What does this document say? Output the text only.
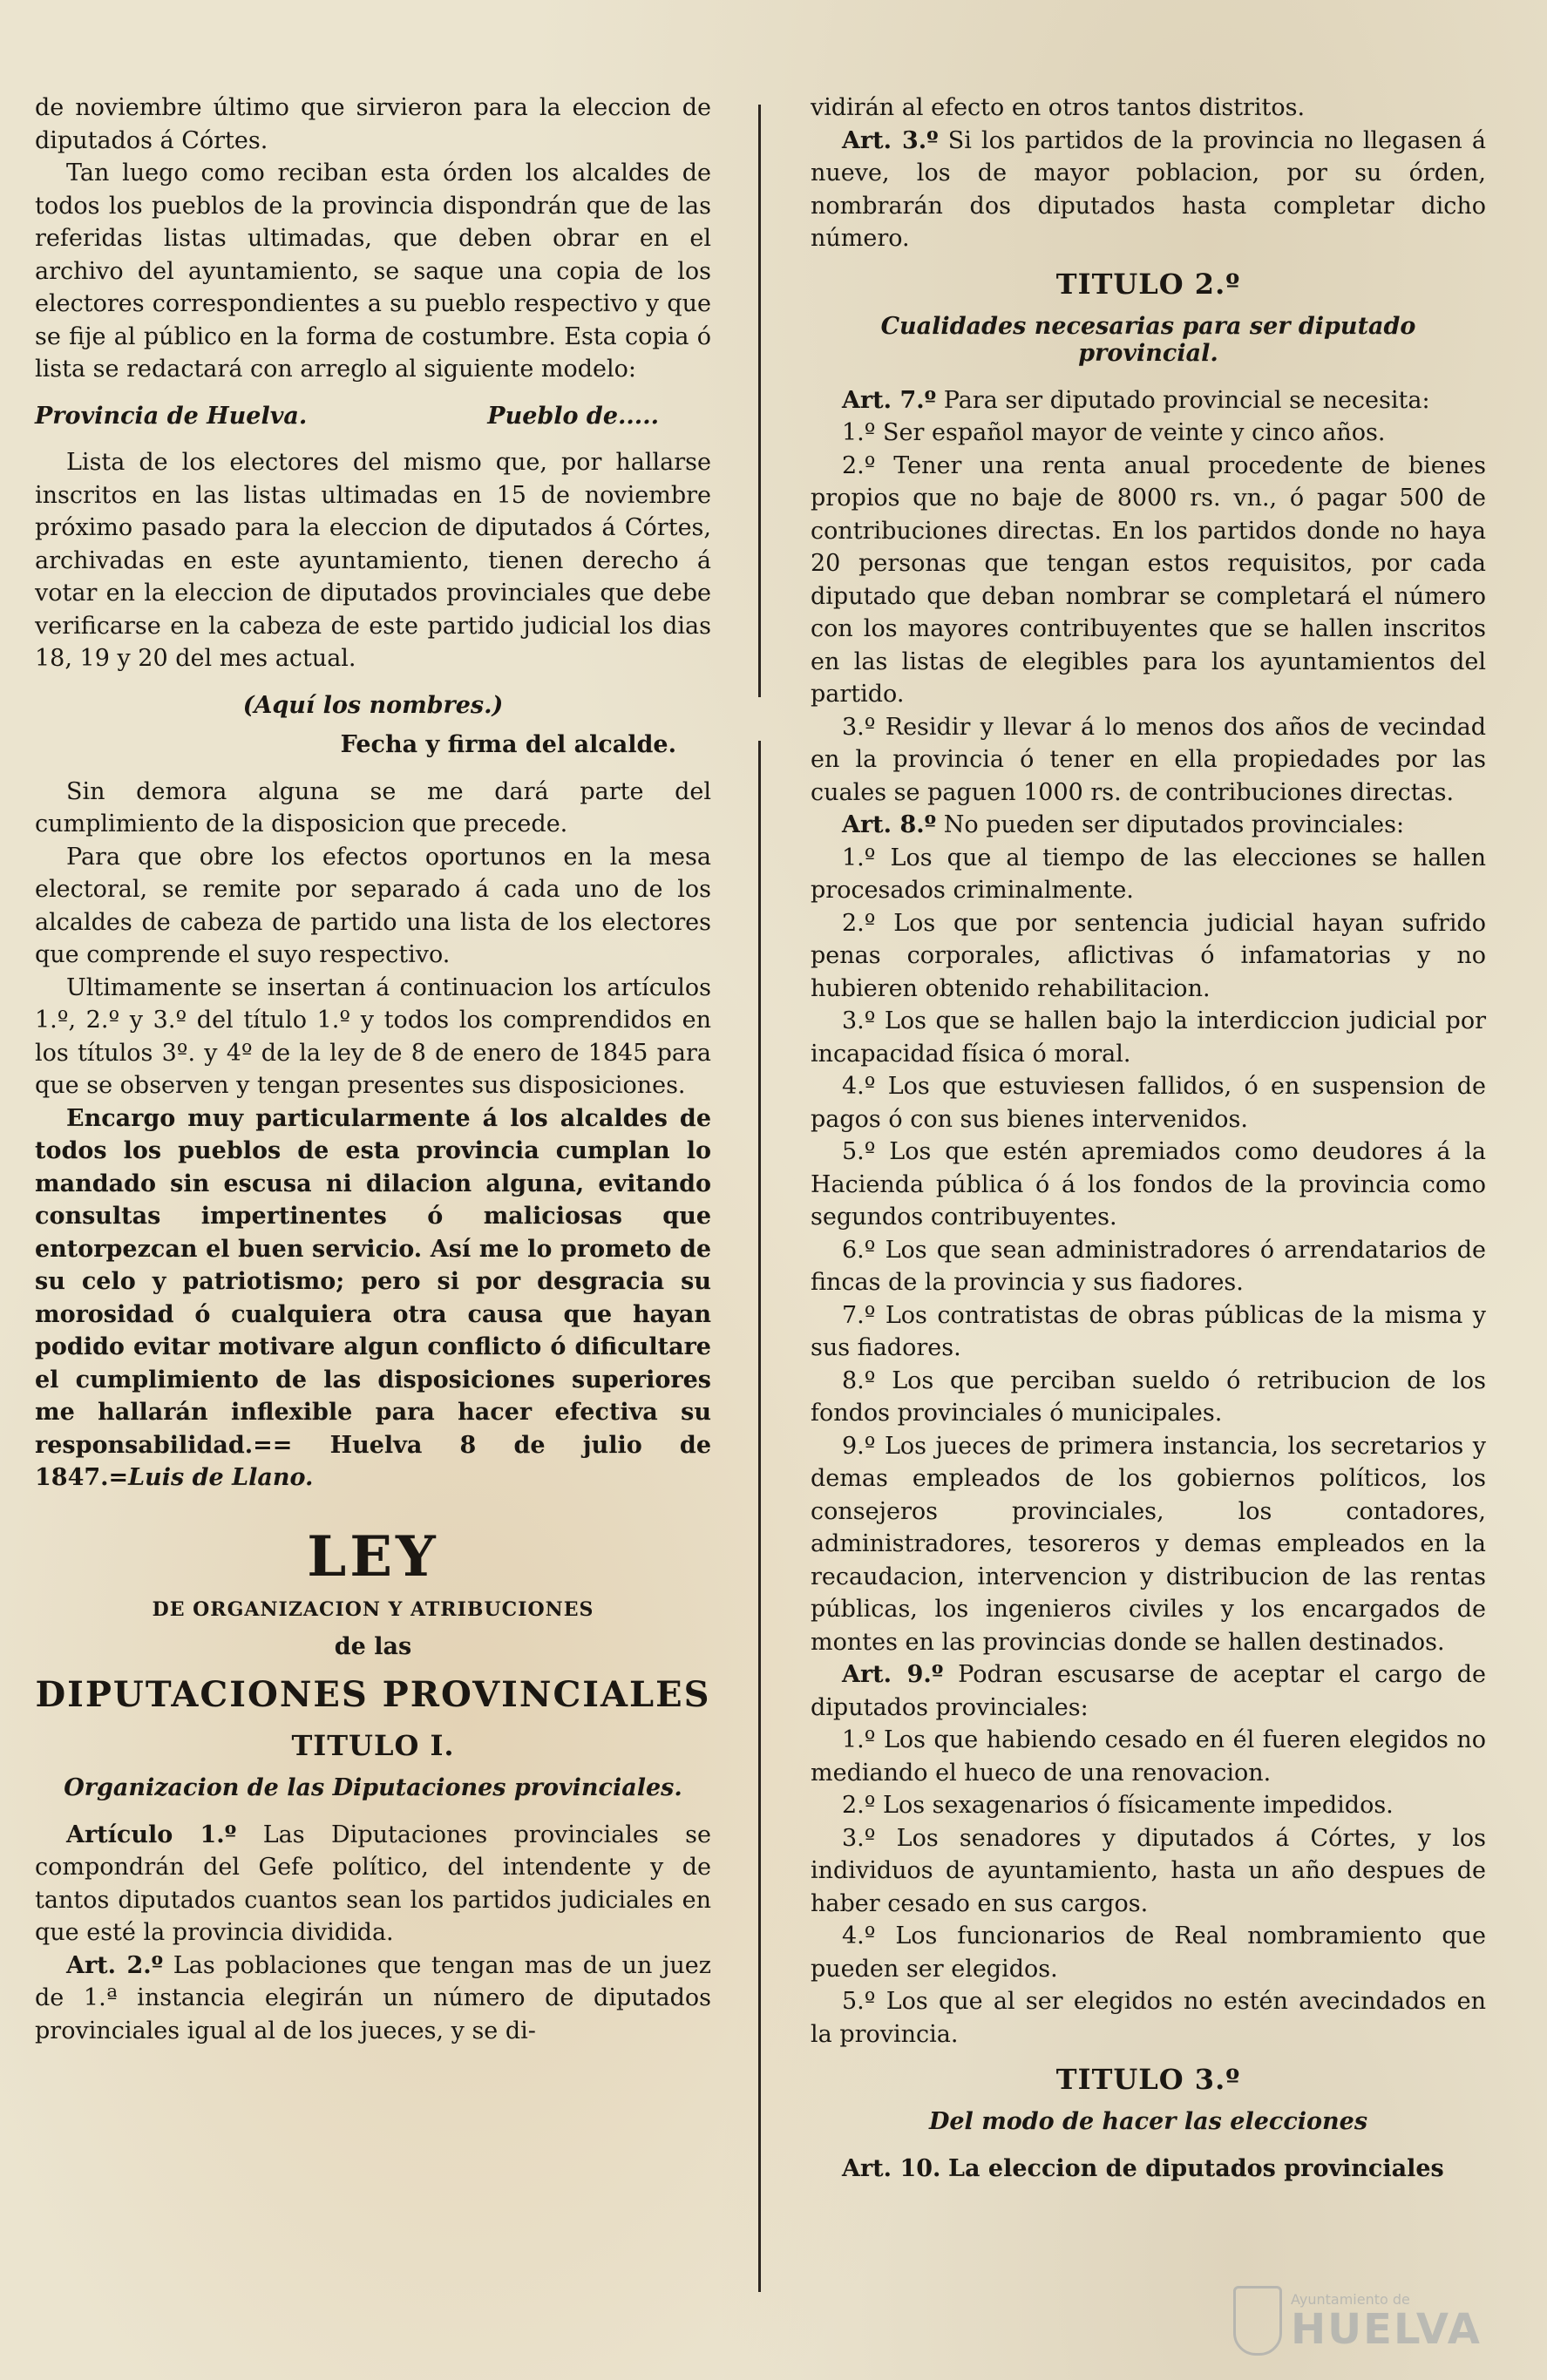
de noviembre último que sirvieron para la eleccion de diputados á Córtes.

Tan luego como reciban esta órden los alcaldes de todos los pueblos de la provincia dispondrán que de las referidas listas ultimadas, que deben obrar en el archivo del ayuntamiento, se saque una copia de los electores correspondientes a su pueblo respectivo y que se fije al público en la forma de costumbre. Esta copia ó lista se redactará con arreglo al siguiente modelo:

Provincia de Huelva.	Pueblo de.....

Lista de los electores del mismo que, por hallarse inscritos en las listas ultimadas en 15 de noviembre próximo pasado para la eleccion de diputados á Córtes, archivadas en este ayuntamiento, tienen derecho á votar en la eleccion de diputados provinciales que debe verificarse en la cabeza de este partido judicial los dias 18, 19 y 20 del mes actual.

(Aquí los nombres.)
Fecha y firma del alcalde.

Sin demora alguna se me dará parte del cumplimiento de la disposicion que precede.

Para que obre los efectos oportunos en la mesa electoral, se remite por separado á cada uno de los alcaldes de cabeza de partido una lista de los electores que comprende el suyo respectivo.

Ultimamente se insertan á continuacion los artículos 1.º, 2.º y 3.º del título 1.º y todos los comprendidos en los títulos 3º. y 4º de la ley de 8 de enero de 1845 para que se observen y tengan presentes sus disposiciones.

Encargo muy particularmente á los alcaldes de todos los pueblos de esta provincia cumplan lo mandado sin escusa ni dilacion alguna, evitando consultas impertinentes ó maliciosas que entorpezcan el buen servicio. Así me lo prometo de su celo y patriotismo; pero si por desgracia su morosidad ó cualquiera otra causa que hayan podido evitar motivare algun conflicto ó dificultare el cumplimiento de las disposiciones superiores me hallarán inflexible para hacer efectiva su responsabilidad.== Huelva 8 de julio de 1847.=Luis de Llano.

LEY
DE ORGANIZACION Y ATRIBUCIONES
de las
DIPUTACIONES PROVINCIALES
TITULO I.
Organizacion de las Diputaciones provinciales.

Artículo 1.º Las Diputaciones provinciales se compondrán del Gefe político, del intendente y de tantos diputados cuantos sean los partidos judiciales en que esté la provincia dividida.

Art. 2.º Las poblaciones que tengan mas de un juez de 1.ª instancia elegirán un número de diputados provinciales igual al de los jueces, y se di-

vidirán al efecto en otros tantos distritos.

Art. 3.º Si los partidos de la provincia no llegasen á nueve, los de mayor poblacion, por su órden, nombrarán dos diputados hasta completar dicho número.

TITULO 2.º
Cualidades necesarias para ser diputado provincial.

Art. 7.º Para ser diputado provincial se necesita:

1.º Ser español mayor de veinte y cinco años.

2.º Tener una renta anual procedente de bienes propios que no baje de 8000 rs. vn., ó pagar 500 de contribuciones directas. En los partidos donde no haya 20 personas que tengan estos requisitos, por cada diputado que deban nombrar se completará el número con los mayores contribuyentes que se hallen inscritos en las listas de elegibles para los ayuntamientos del partido.

3.º Residir y llevar á lo menos dos años de vecindad en la provincia ó tener en ella propiedades por las cuales se paguen 1000 rs. de contribuciones directas.

Art. 8.º No pueden ser diputados provinciales:

1.º Los que al tiempo de las elecciones se hallen procesados criminalmente.

2.º Los que por sentencia judicial hayan sufrido penas corporales, aflictivas ó infamatorias y no hubieren obtenido rehabilitacion.

3.º Los que se hallen bajo la interdiccion judicial por incapacidad física ó moral.

4.º Los que estuviesen fallidos, ó en suspension de pagos ó con sus bienes intervenidos.

5.º Los que estén apremiados como deudores á la Hacienda pública ó á los fondos de la provincia como segundos contribuyentes.

6.º Los que sean administradores ó arrendatarios de fincas de la provincia y sus fiadores.

7.º Los contratistas de obras públicas de la misma y sus fiadores.

8.º Los que perciban sueldo ó retribucion de los fondos provinciales ó municipales.

9.º Los jueces de primera instancia, los secretarios y demas empleados de los gobiernos políticos, los consejeros provinciales, los contadores, administradores, tesoreros y demas empleados en la recaudacion, intervencion y distribucion de las rentas públicas, los ingenieros civiles y los encargados de montes en las provincias donde se hallen destinados.

Art. 9.º Podran escusarse de aceptar el cargo de diputados provinciales:

1.º Los que habiendo cesado en él fueren elegidos no mediando el hueco de una renovacion.

2.º Los sexagenarios ó físicamente impedidos.

3.º Los senadores y diputados á Córtes, y los individuos de ayuntamiento, hasta un año despues de haber cesado en sus cargos.

4.º Los funcionarios de Real nombramiento que pueden ser elegidos.

5.º Los que al ser elegidos no estén avecindados en la provincia.

TITULO 3.º
Del modo de hacer las elecciones

Art. 10. La eleccion de diputados provinciales

Ayuntamiento de
HUELVA
